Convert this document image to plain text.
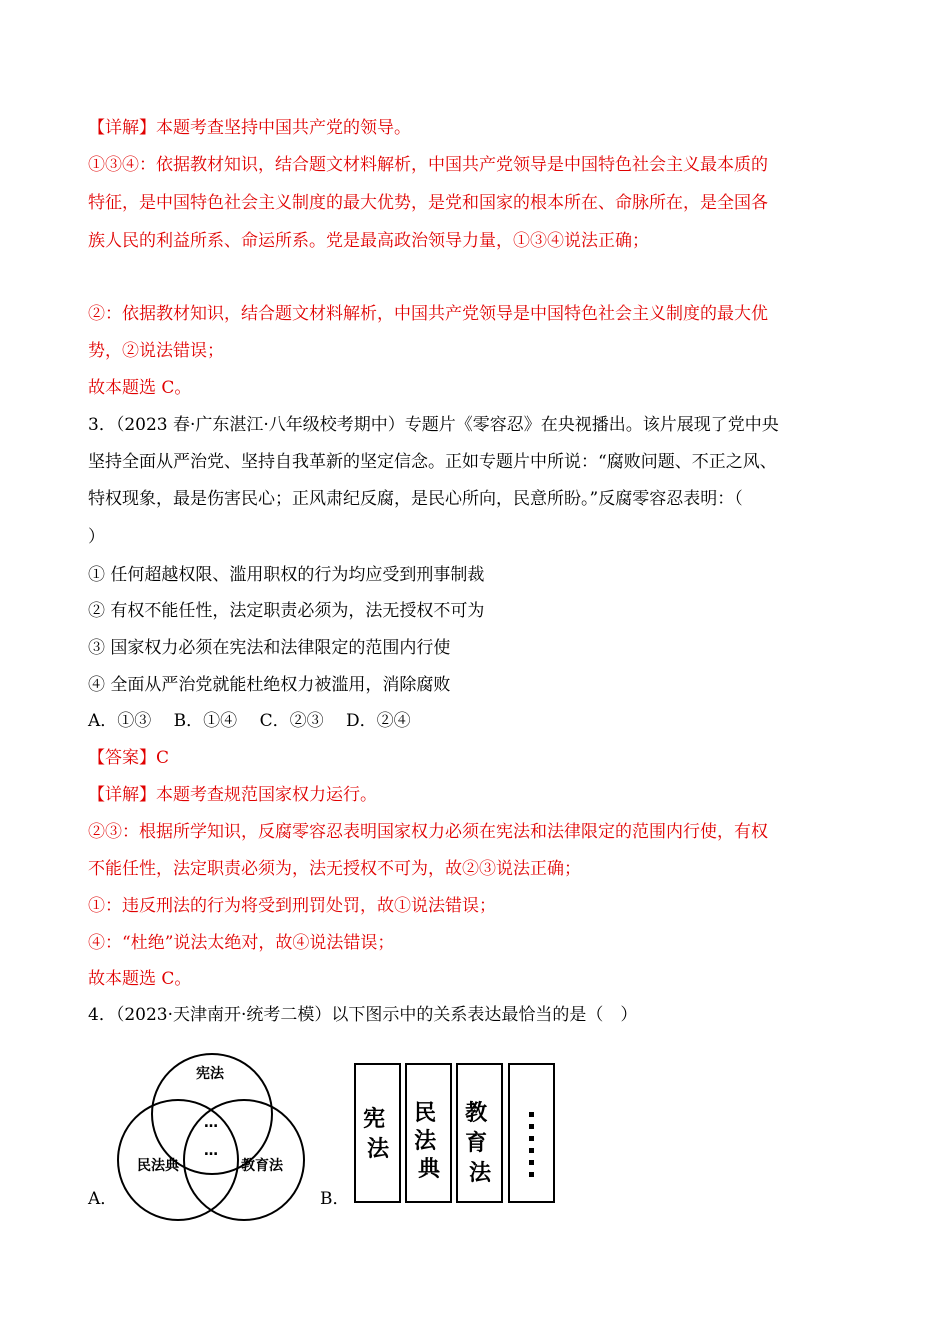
【详解】本题考查坚持中国共产党的领导。
①③④：依据教材知识，结合题文材料解析，中国共产党领导是中国特色社会主义最本质的
特征，是中国特色社会主义制度的最大优势，是党和国家的根本所在、命脉所在，是全国各
族人民的利益所系、命运所系。党是最高政治领导力量，①③④说法正确；
②：依据教材知识，结合题文材料解析，中国共产党领导是中国特色社会主义制度的最大优
势，②说法错误；
故本题选 C。
3．（2023 春·广东湛江·八年级校考期中）专题片《零容忍》在央视播出。该片展现了党中央
坚持全面从严治党、坚持自我革新的坚定信念。正如专题片中所说：“腐败问题、不正之风、
特权现象，最是伤害民心；正风肃纪反腐，是民心所向，民意所盼。”反腐零容忍表明：（
）
① 任何超越权限、滥用职权的行为均应受到刑事制裁
② 有权不能任性，法定职责必须为，法无授权不可为
③ 国家权力必须在宪法和法律限定的范围内行使
④ 全面从严治党就能杜绝权力被滥用，消除腐败
A．①③　 B．①④　 C．②③　 D．②④
【答案】C
【详解】本题考查规范国家权力运行。
②③：根据所学知识，反腐零容忍表明国家权力必须在宪法和法律限定的范围内行使，有权
不能任性，法定职责必须为，法无授权不可为，故②③说法正确；
①：违反刑法的行为将受到刑罚处罚，故①说法错误；
④：“杜绝”说法太绝对，故④说法错误；
故本题选 C。
4．（2023·天津南开·统考二模）以下图示中的关系表达最恰当的是（　）
宪法
民法典	教育法
…
…
宪 法
民 法 典
教 育 法
A．	B．
